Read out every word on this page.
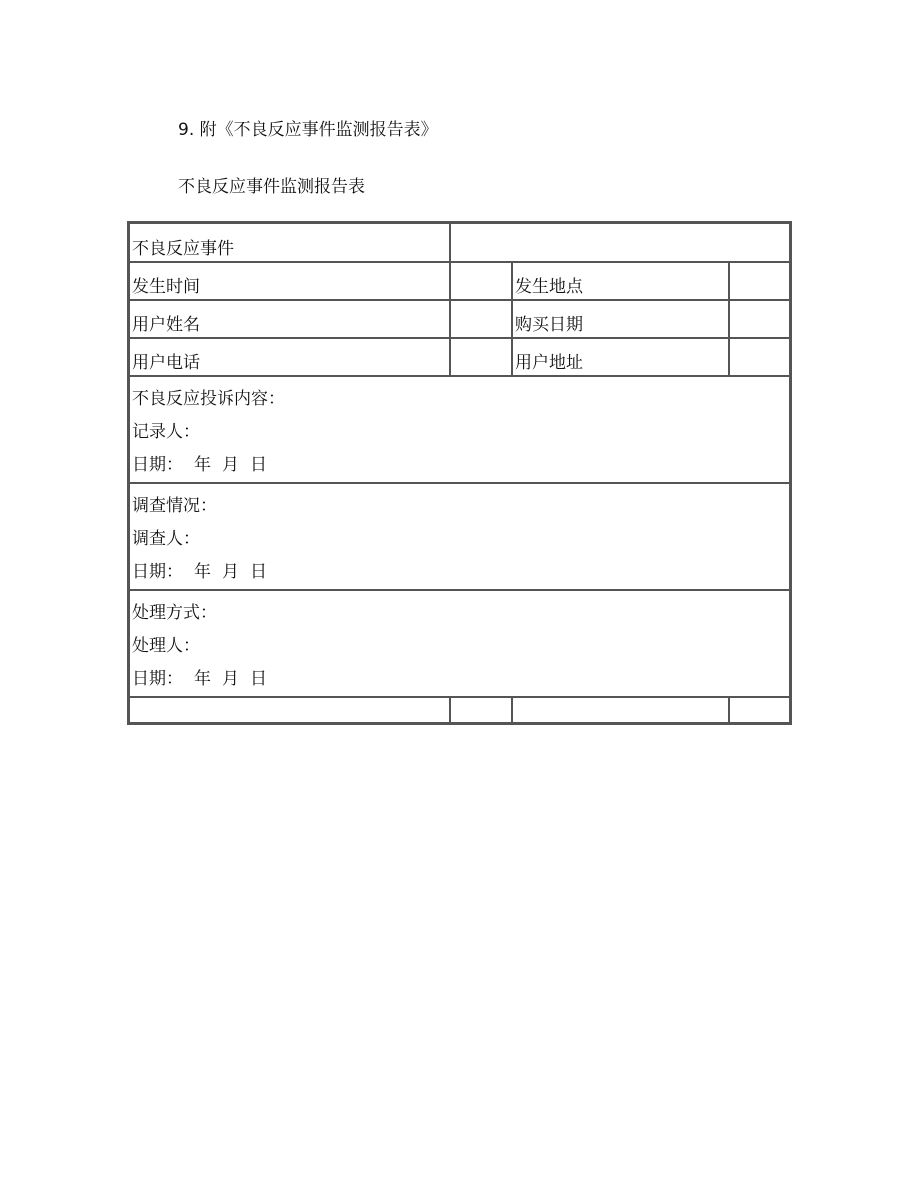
9. 附《不良反应事件监测报告表》
不良反应事件监测报告表
不良反应事件			
发生时间		发生地点	
用户姓名		购买日期	
用户电话		用户地址	

不良反应投诉内容：
记录人：
日期： 年 月 日			

调查情况：
调查人：
日期： 年 月 日			

处理方式：
处理人：
日期： 年 月 日			
